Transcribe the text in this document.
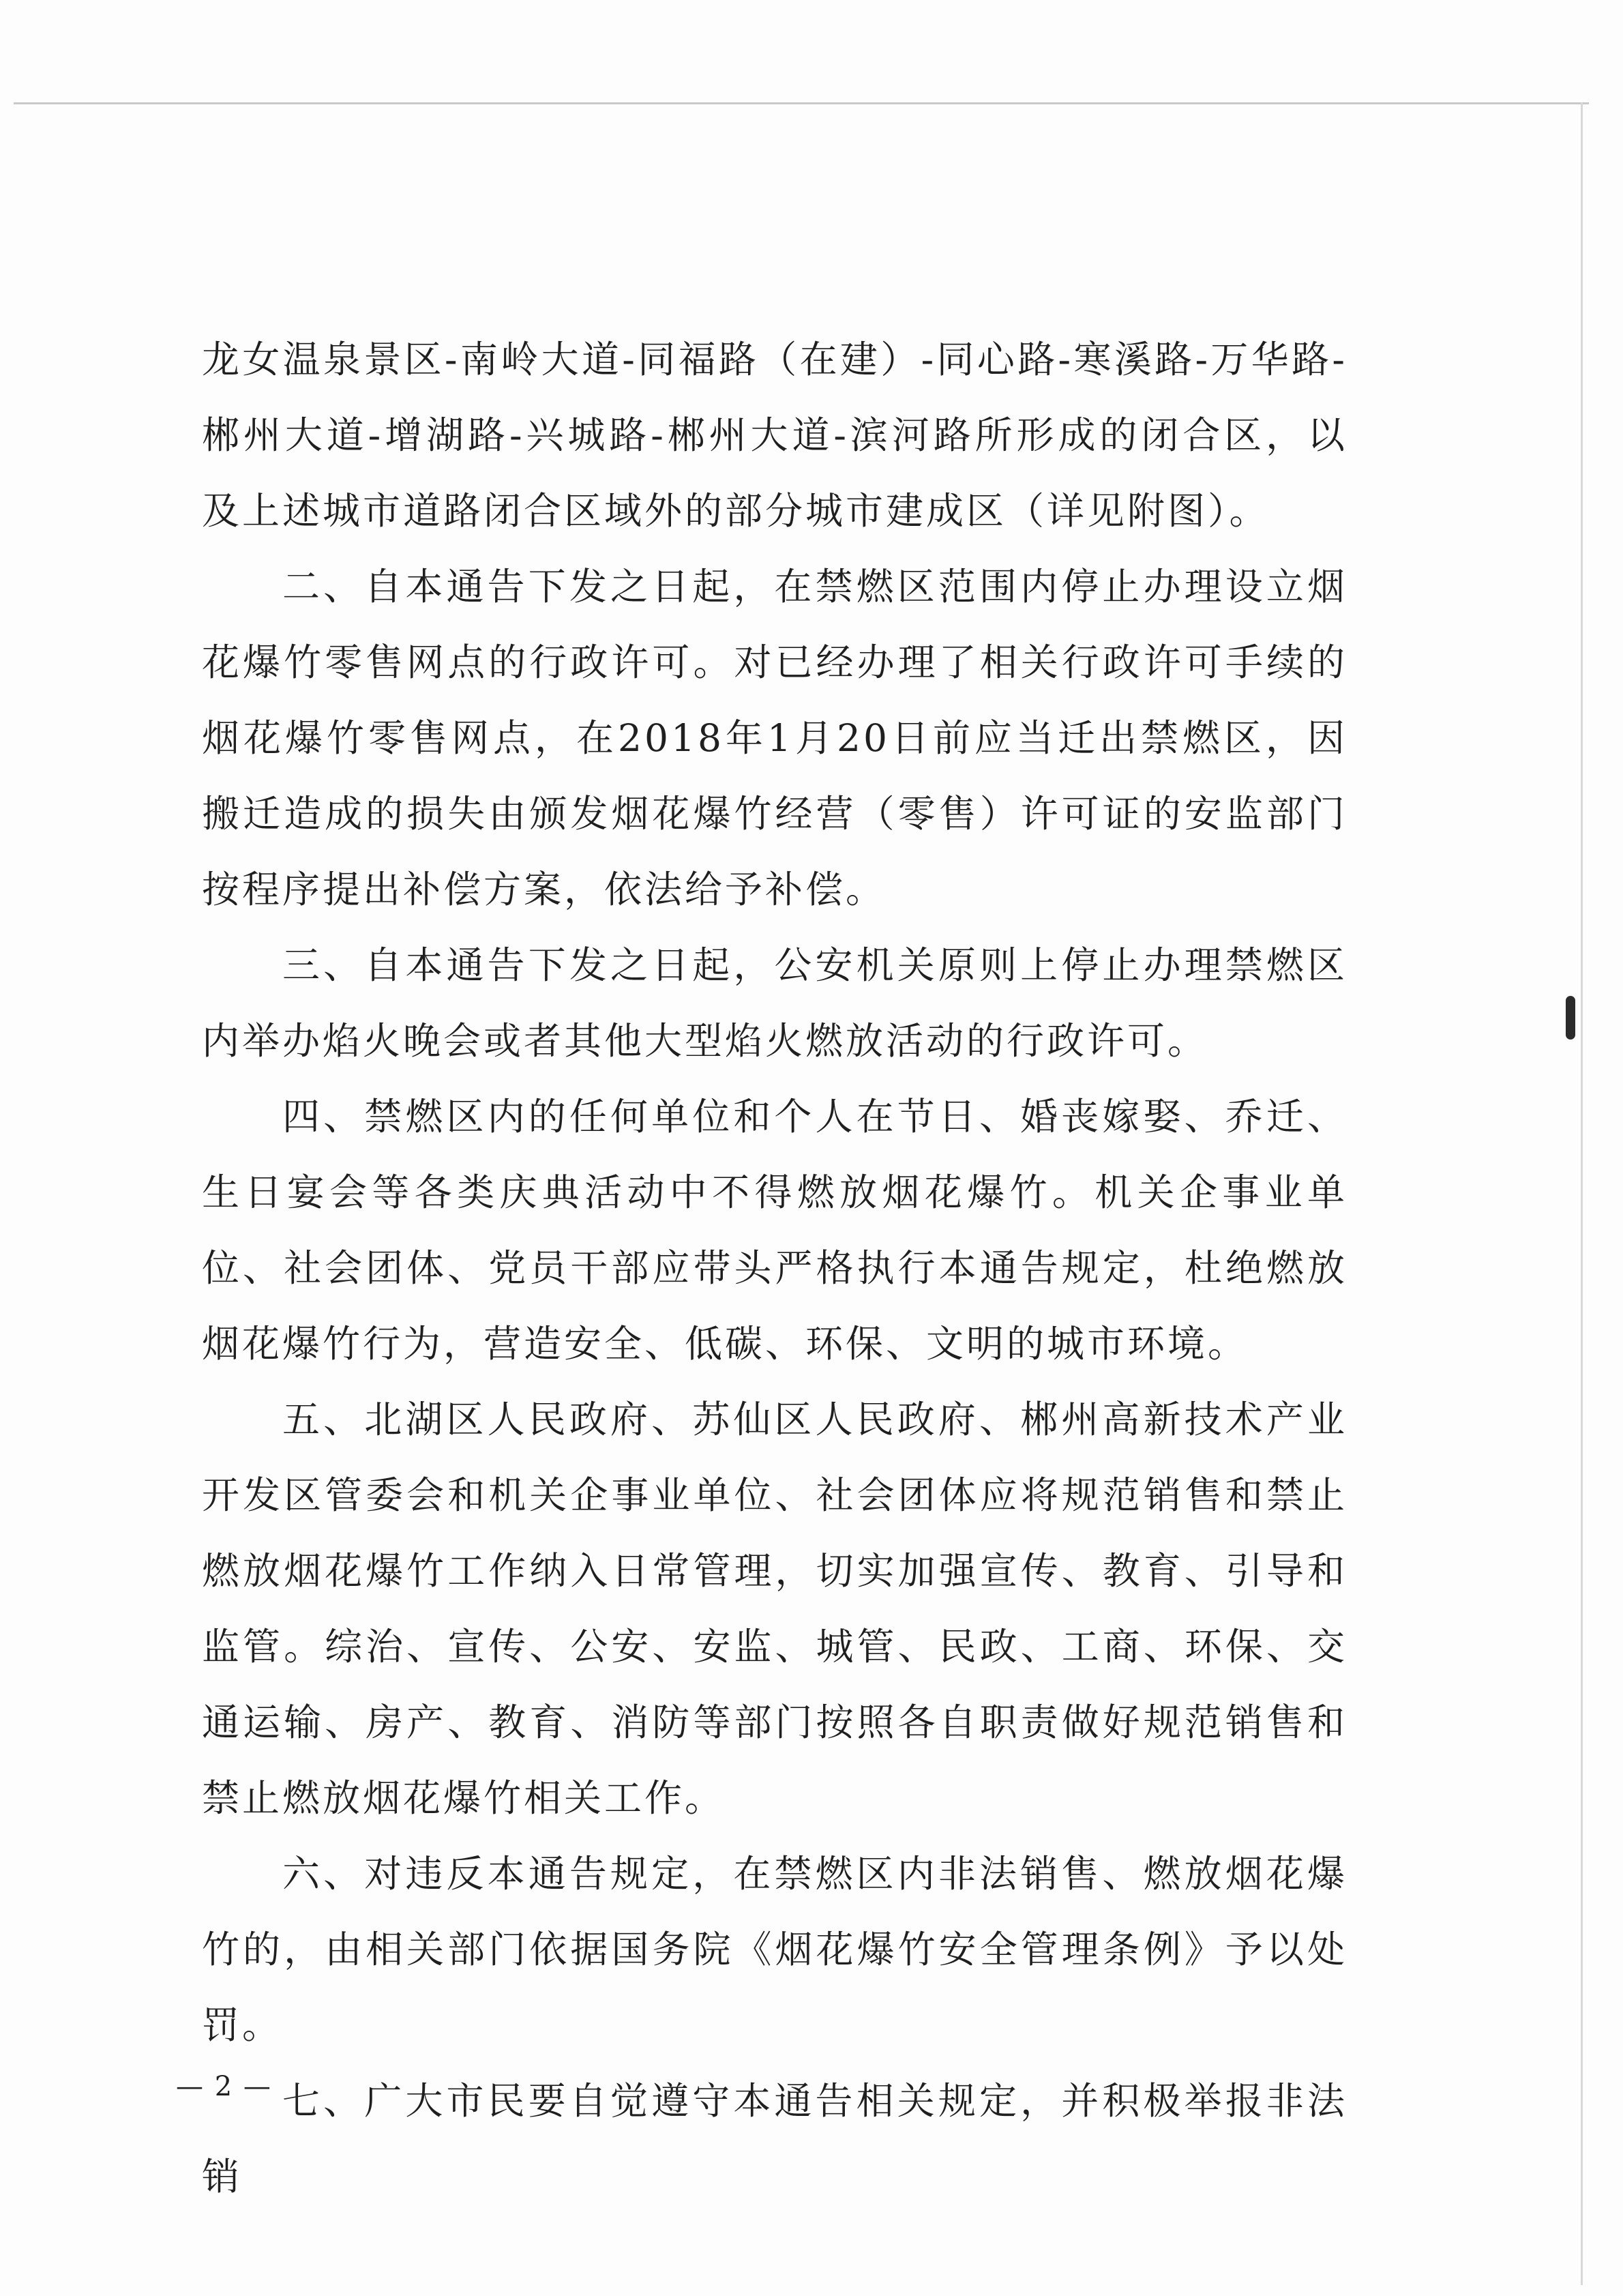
龙女温泉景区-南岭大道-同福路（在建）-同心路-寒溪路-万华路-郴州大道-增湖路-兴城路-郴州大道-滨河路所形成的闭合区，以及上述城市道路闭合区域外的部分城市建成区（详见附图）。

二、自本通告下发之日起，在禁燃区范围内停止办理设立烟花爆竹零售网点的行政许可。对已经办理了相关行政许可手续的烟花爆竹零售网点，在2018年1月20日前应当迁出禁燃区，因搬迁造成的损失由颁发烟花爆竹经营（零售）许可证的安监部门按程序提出补偿方案，依法给予补偿。

三、自本通告下发之日起，公安机关原则上停止办理禁燃区内举办焰火晚会或者其他大型焰火燃放活动的行政许可。

四、禁燃区内的任何单位和个人在节日、婚丧嫁娶、乔迁、生日宴会等各类庆典活动中不得燃放烟花爆竹。机关企事业单位、社会团体、党员干部应带头严格执行本通告规定，杜绝燃放烟花爆竹行为，营造安全、低碳、环保、文明的城市环境。

五、北湖区人民政府、苏仙区人民政府、郴州高新技术产业开发区管委会和机关企事业单位、社会团体应将规范销售和禁止燃放烟花爆竹工作纳入日常管理，切实加强宣传、教育、引导和监管。综治、宣传、公安、安监、城管、民政、工商、环保、交通运输、房产、教育、消防等部门按照各自职责做好规范销售和禁止燃放烟花爆竹相关工作。

六、对违反本通告规定，在禁燃区内非法销售、燃放烟花爆竹的，由相关部门依据国务院《烟花爆竹安全管理条例》予以处罚。

七、广大市民要自觉遵守本通告相关规定，并积极举报非法销

— 2 —
